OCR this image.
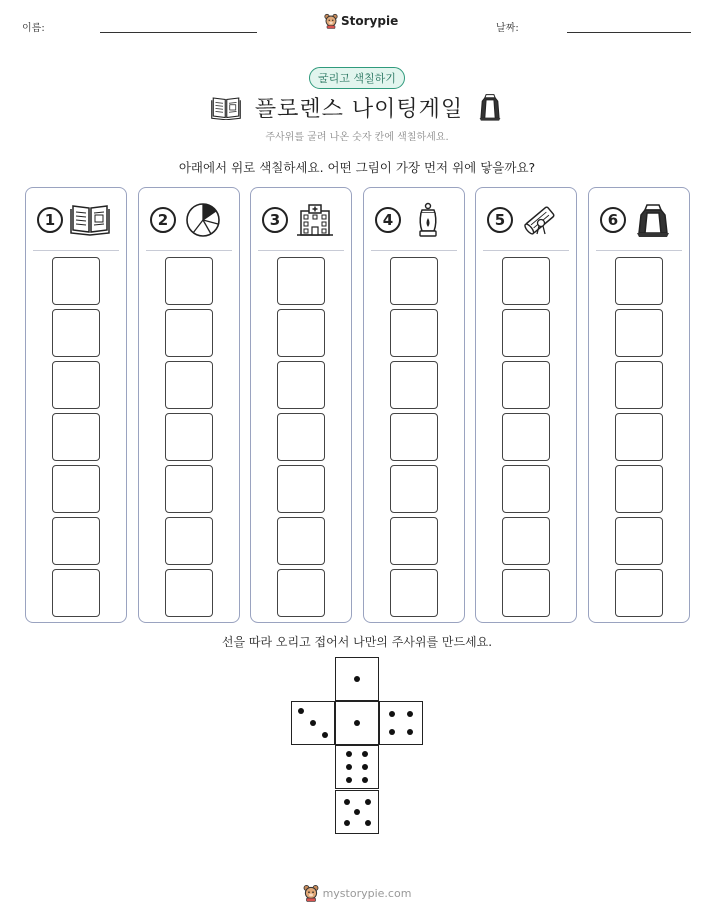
이름:
Storypie
날짜:
굴리고 색칠하기
플로렌스 나이팅게일
주사위를 굴려 나온 숫자 칸에 색칠하세요.
아래에서 위로 색칠하세요. 어떤 그림이 가장 먼저 위에 닿을까요?
1	2	3	4	5	6
선을 따라 오리고 접어서 나만의 주사위를 만드세요.
mystorypie.com
